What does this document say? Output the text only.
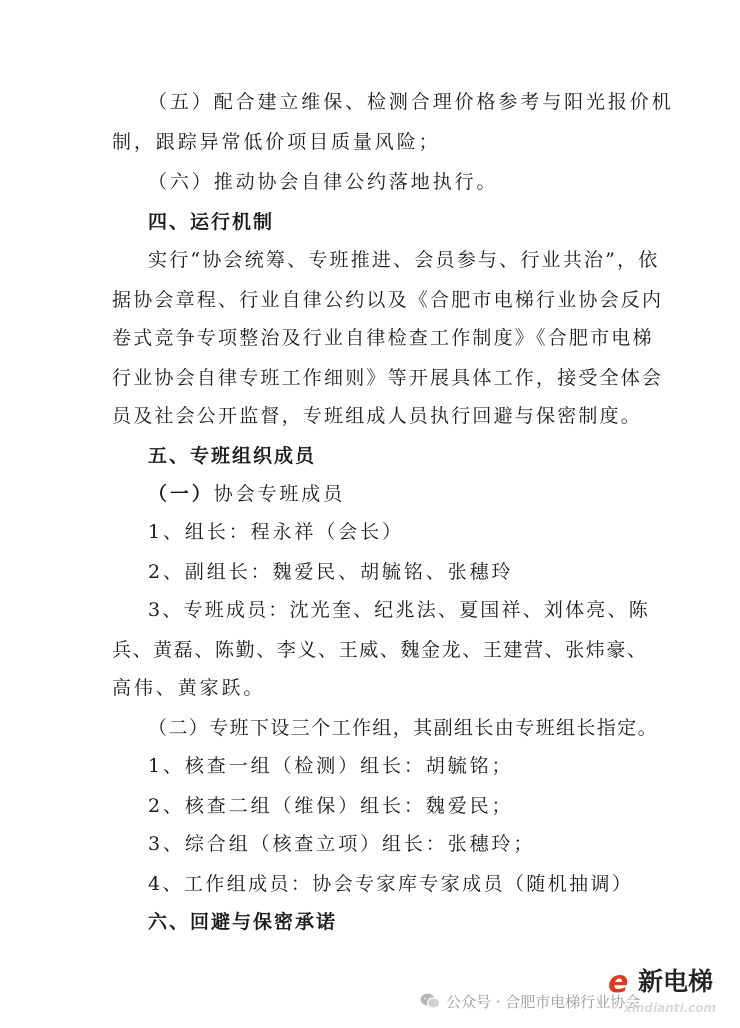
（五）配合建立维保、检测合理价格参考与阳光报价机
制，跟踪异常低价项目质量风险；
（六）推动协会自律公约落地执行。
四、运行机制
实行“协会统筹、专班推进、会员参与、行业共治”，依
据协会章程、行业自律公约以及《合肥市电梯行业协会反内
卷式竞争专项整治及行业自律检查工作制度》《合肥市电梯
行业协会自律专班工作细则》等开展具体工作，接受全体会
员及社会公开监督，专班组成人员执行回避与保密制度。
五、专班组织成员
（一）协会专班成员
1、组长：程永祥（会长）
2、副组长：魏爱民、胡毓铭、张穗玲
3、专班成员：沈光奎、纪兆法、夏国祥、刘体亮、陈
兵、黄磊、陈勤、李义、王威、魏金龙、王建营、张炜豪、
高伟、黄家跃。
（二）专班下设三个工作组，其副组长由专班组长指定。
1、核查一组（检测）组长：胡毓铭；
2、核查二组（维保）组长：魏爱民；
3、综合组（核查立项）组长：张穗玲；
4、工作组成员：协会专家库专家成员（随机抽调）
六、回避与保密承诺
公众号 · 合肥市电梯行业协会
e 新电梯
xindianti.com
